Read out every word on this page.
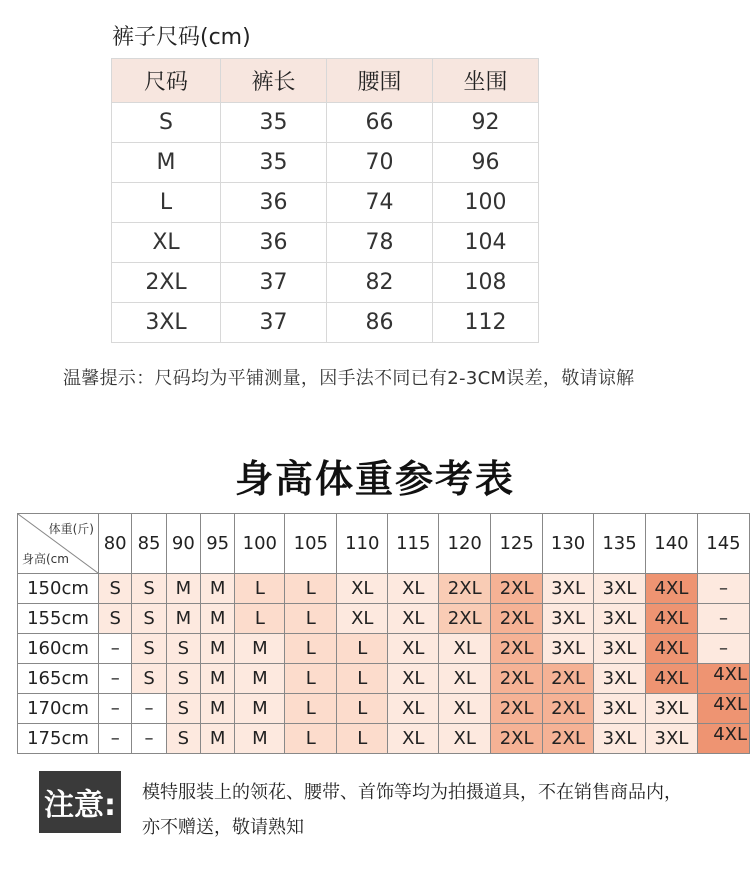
裤子尺码(cm)
尺码	裤长	腰围	坐围
S	35	66	92
M	35	70	96
L	36	74	100
XL	36	78	104
2XL	37	82	108
3XL	37	86	112
温馨提示：尺码均为平铺测量，因手法不同已有2-3CM误差，敬请谅解
身高体重参考表
体重(斤)
身高(cm	80	85	90	95	100	105	110	115	120	125	130	135	140	145
150cm	S	S	M	M	L	L	XL	XL	2XL	2XL	3XL	3XL	4XL	–
155cm	S	S	M	M	L	L	XL	XL	2XL	2XL	3XL	3XL	4XL	–
160cm	–	S	S	M	M	L	L	XL	XL	2XL	3XL	3XL	4XL	–
165cm	–	S	S	M	M	L	L	XL	XL	2XL	2XL	3XL	4XL	4XL
170cm	–	–	S	M	M	L	L	XL	XL	2XL	2XL	3XL	3XL	4XL
175cm	–	–	S	M	M	L	L	XL	XL	2XL	2XL	3XL	3XL	4XL
注意: 模特服装上的领花、腰带、首饰等均为拍摄道具，不在销售商品内，
亦不赠送，敬请熟知
